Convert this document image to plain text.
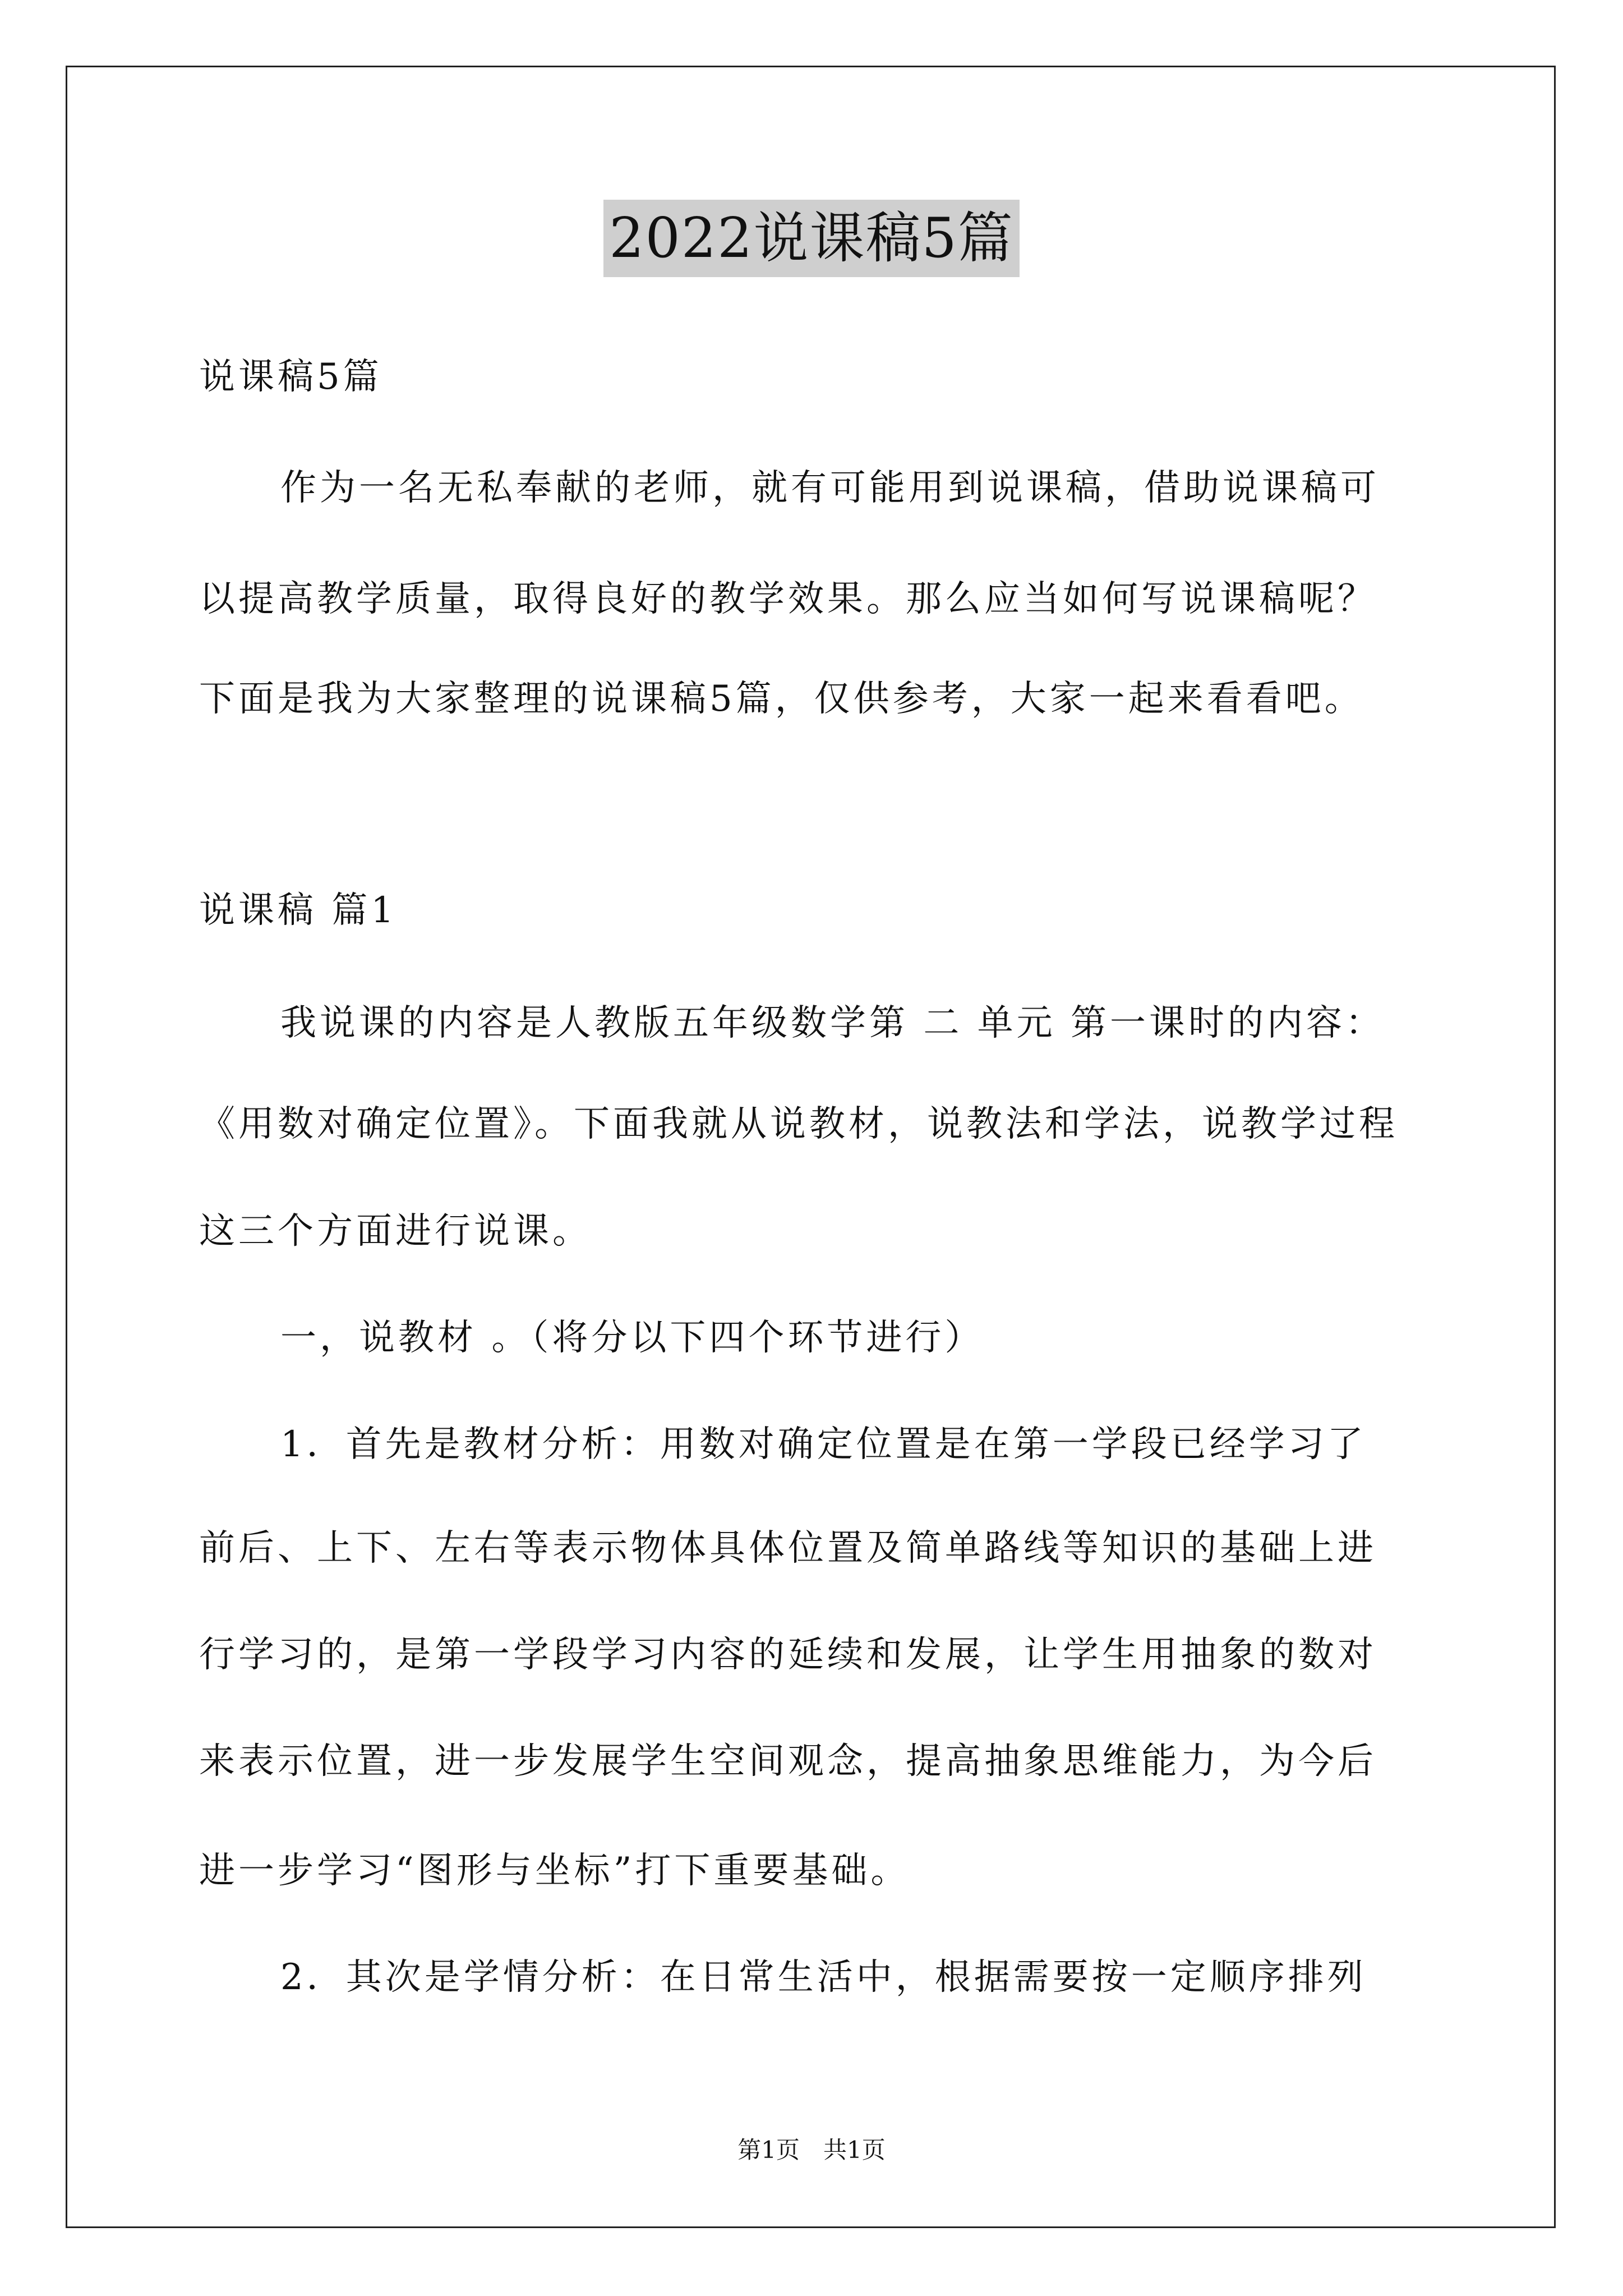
2022说课稿5篇
说课稿5篇
作为一名无私奉献的老师，就有可能用到说课稿，借助说课稿可
以提高教学质量，取得良好的教学效果。那么应当如何写说课稿呢？
下面是我为大家整理的说课稿5篇，仅供参考，大家一起来看看吧。
说课稿 篇1
我说课的内容是人教版五年级数学第 二 单元 第一课时的内容：
《用数对确定位置》。下面我就从说教材，说教法和学法，说教学过程
这三个方面进行说课。
一，说教材 。（将分以下四个环节进行）
1．首先是教材分析：用数对确定位置是在第一学段已经学习了
前后、上下、左右等表示物体具体位置及简单路线等知识的基础上进
行学习的，是第一学段学习内容的延续和发展，让学生用抽象的数对
来表示位置，进一步发展学生空间观念，提高抽象思维能力，为今后
进一步学习“图形与坐标”打下重要基础。
2．其次是学情分析：在日常生活中，根据需要按一定顺序排列
第1页　共1页
